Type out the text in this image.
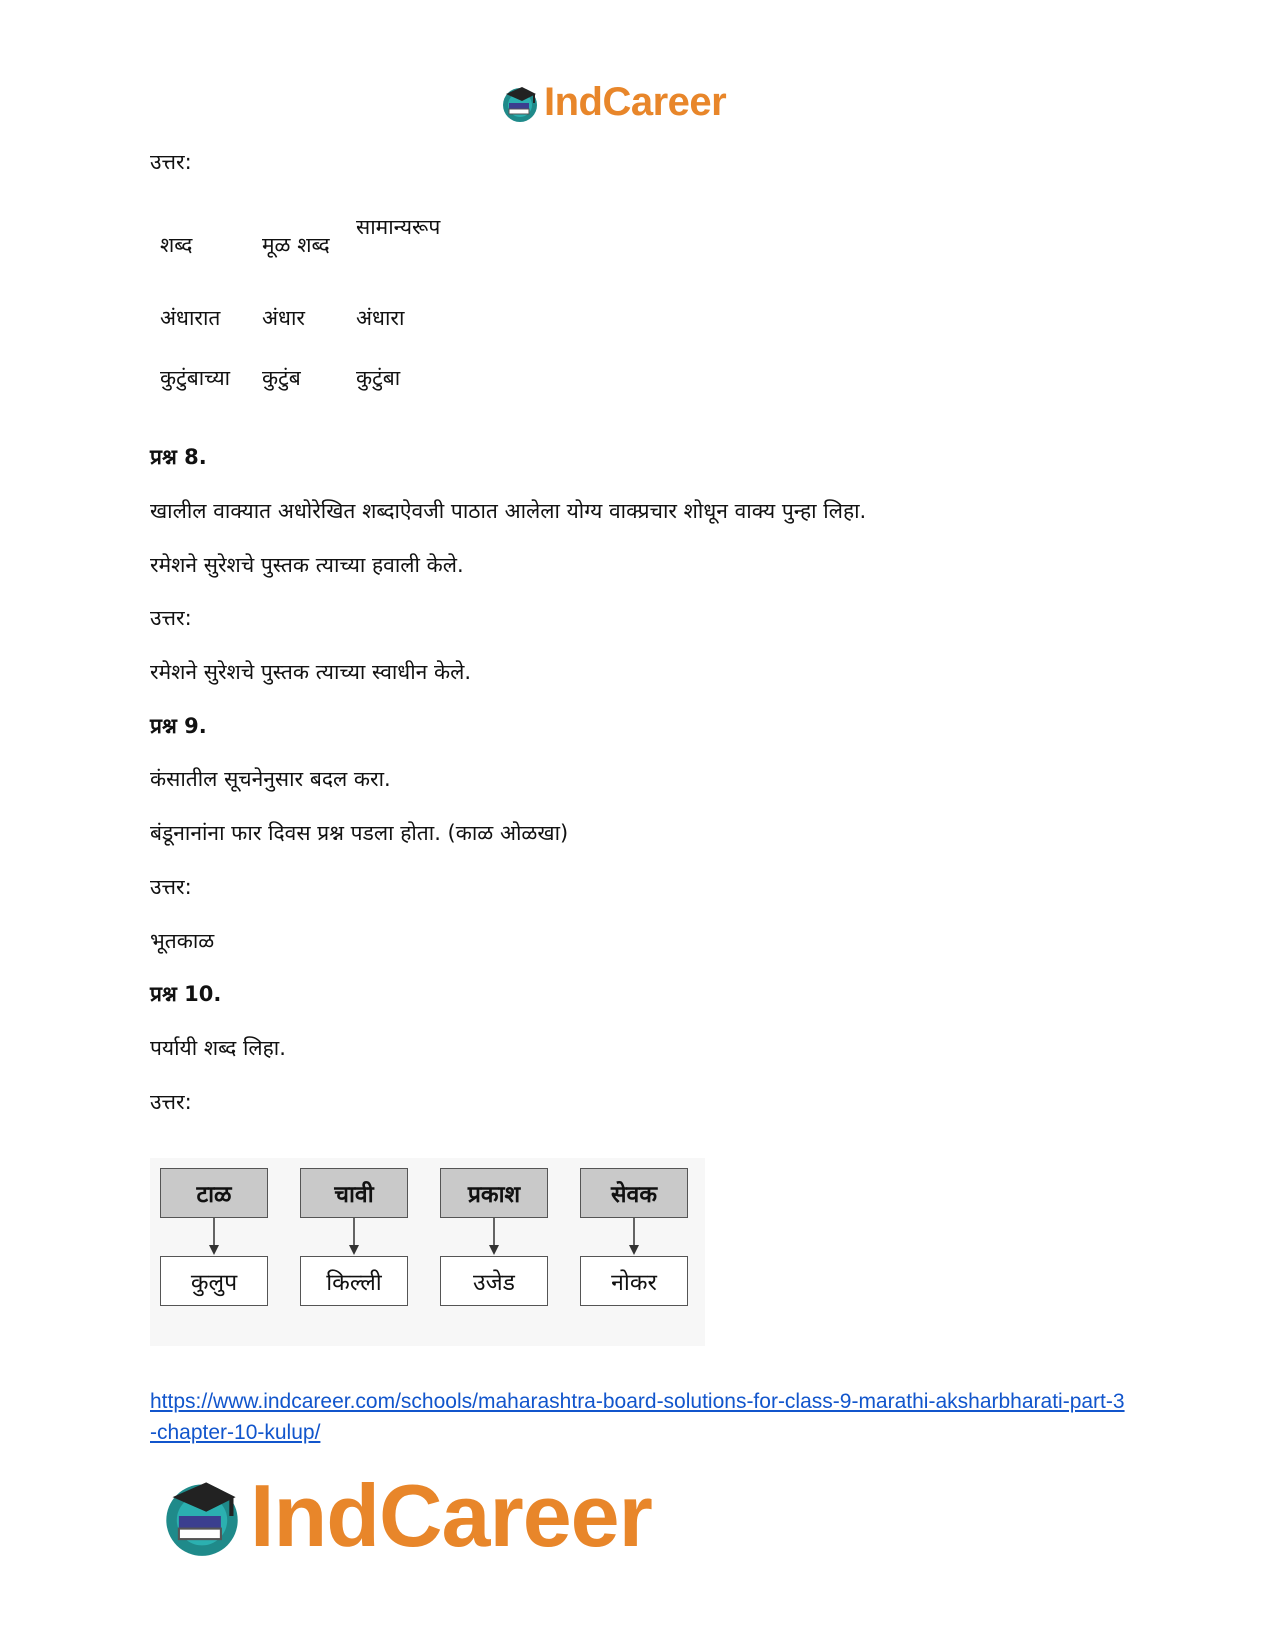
IndCareer
उत्तर:
शब्द	मूळ शब्द	सामान्यरूप
अंधारात	अंधार	अंधारा
कुटुंबाच्या	कुटुंब	कुटुंबा
प्रश्न 8.
खालील वाक्यात अधोरेखित शब्दाऐवजी पाठात आलेला योग्य वाक्प्रचार शोधून वाक्य पुन्हा लिहा.
रमेशने सुरेशचे पुस्तक त्याच्या हवाली केले.
उत्तर:
रमेशने सुरेशचे पुस्तक त्याच्या स्वाधीन केले.
प्रश्न 9.
कंसातील सूचनेनुसार बदल करा.
बंडूनानांना फार दिवस प्रश्न पडला होता. (काळ ओळखा)
उत्तर:
भूतकाळ
प्रश्न 10.
पर्यायी शब्द लिहा.
उत्तर:
टाळ	चावी	प्रकाश	सेवक
कुलुप	किल्ली	उजेड	नोकर
https://www.indcareer.com/schools/maharashtra-board-solutions-for-class-9-marathi-aksharbharati-part-3-chapter-10-kulup/
IndCareer
